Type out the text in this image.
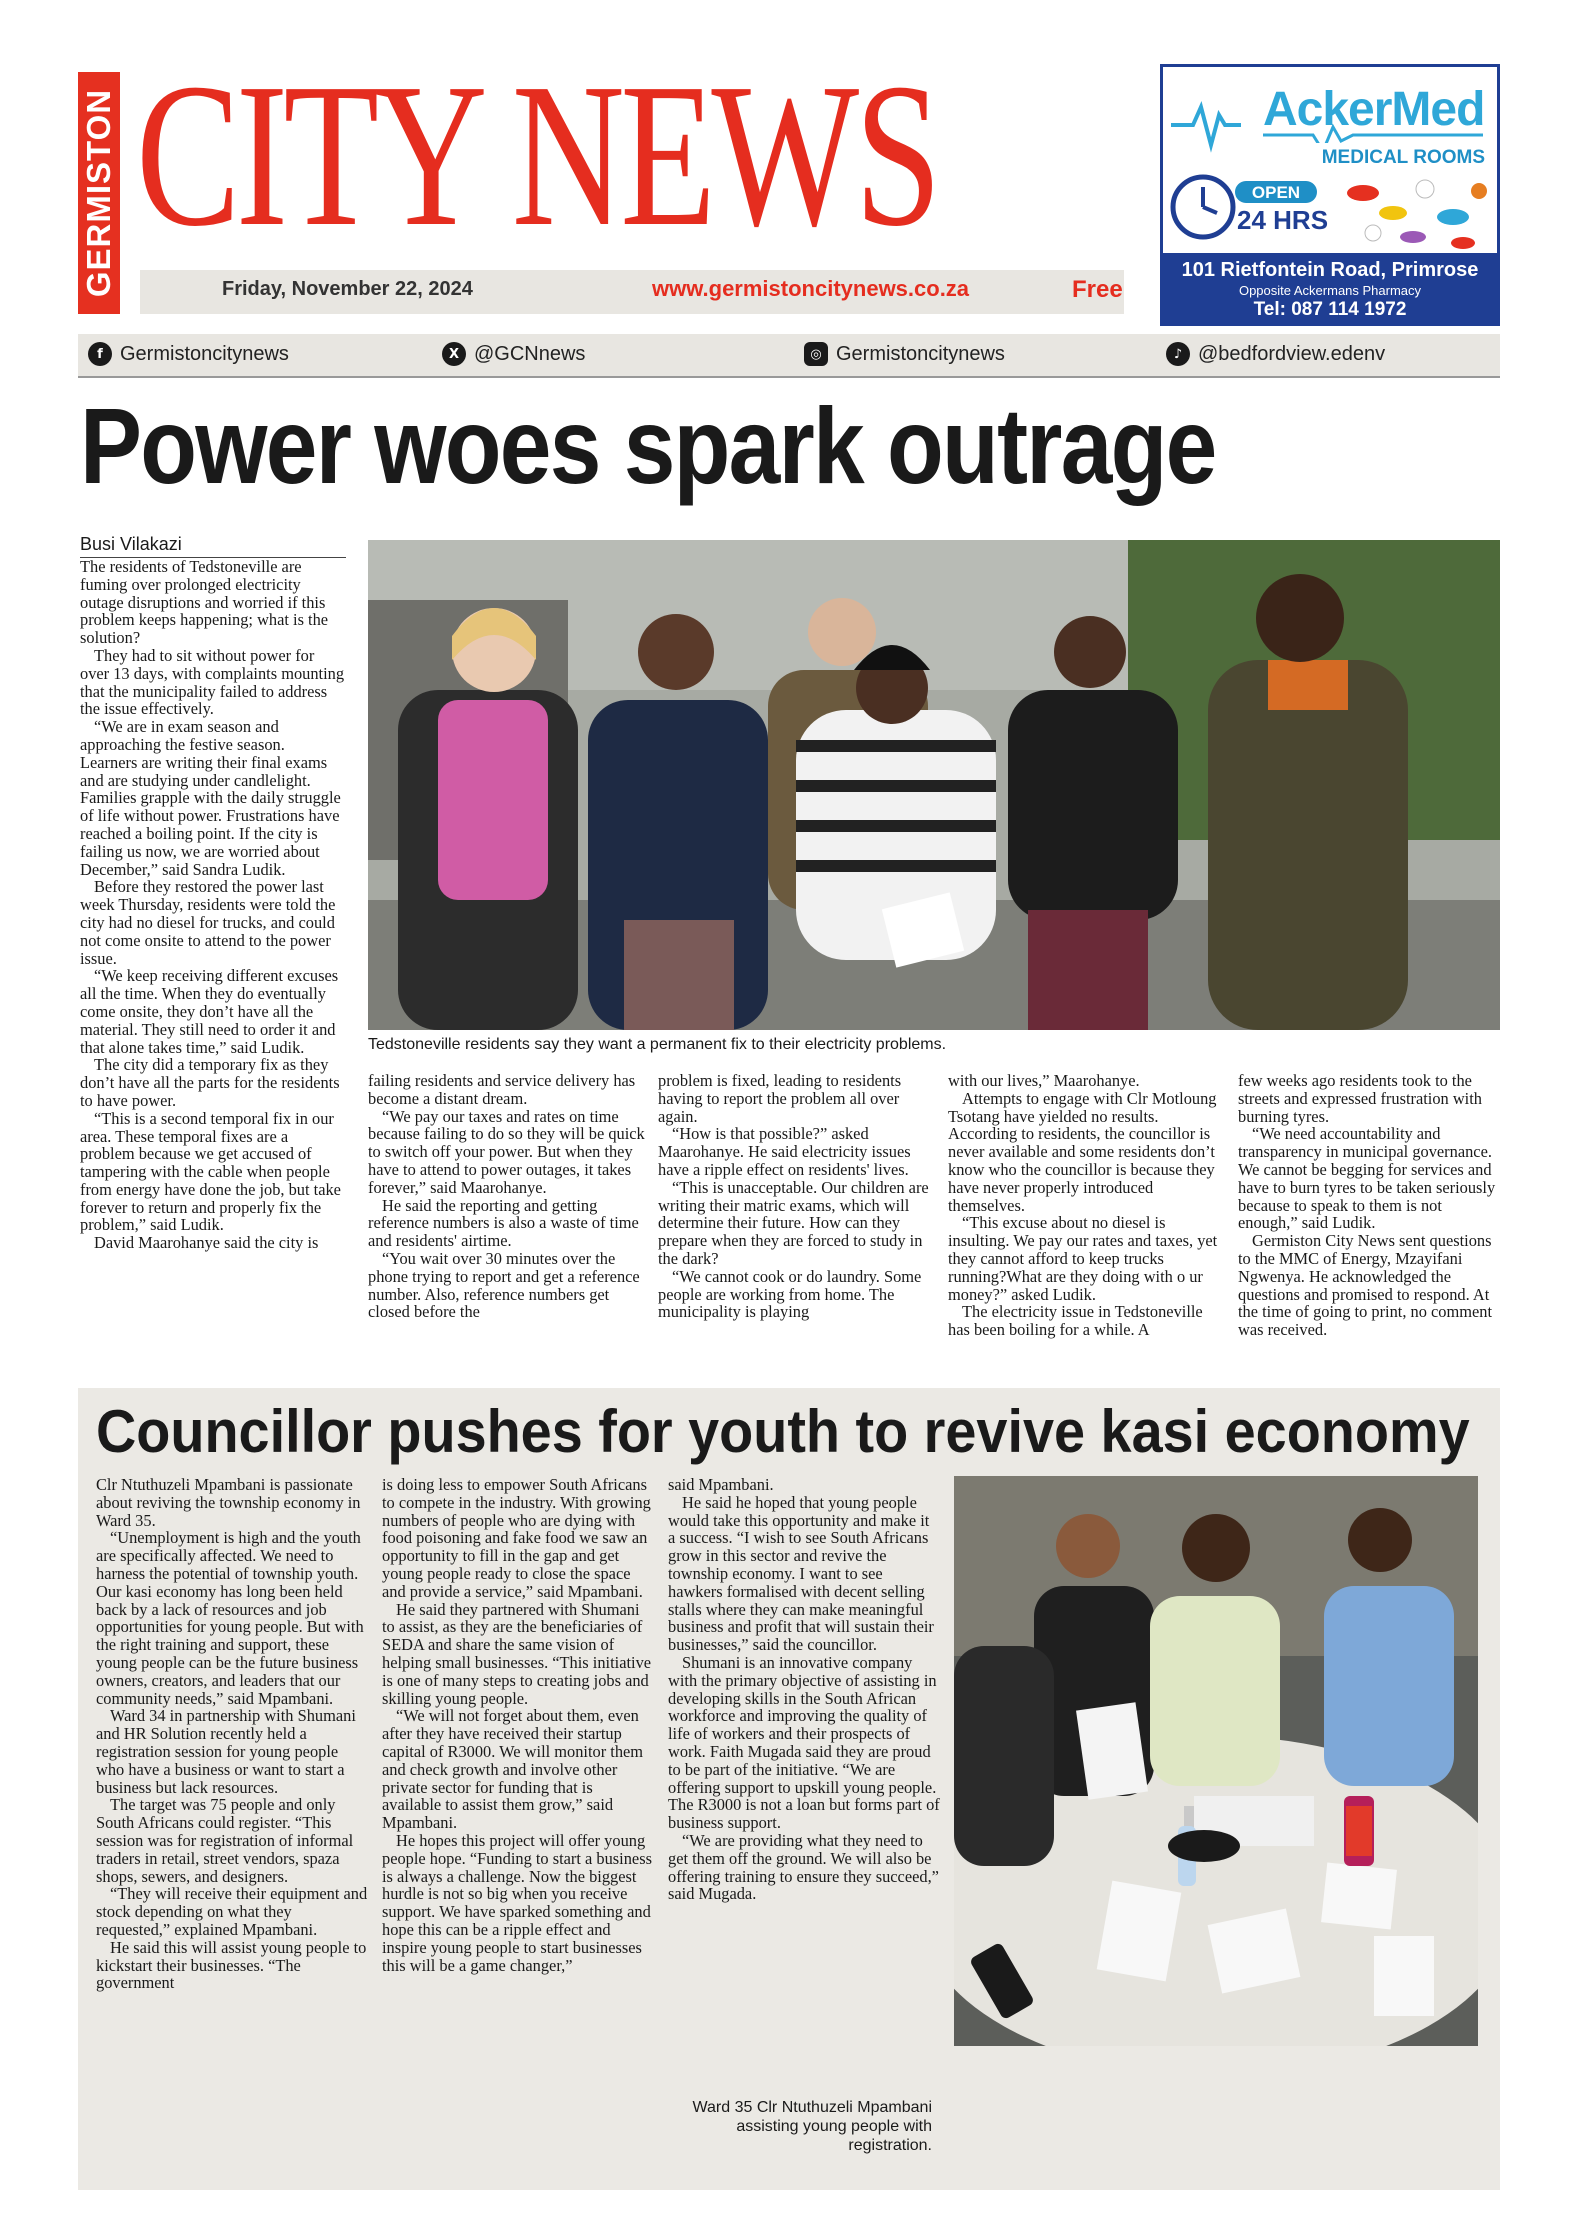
GERMISTON CITY NEWS
Friday, November 22, 2024	www.germistoncitynews.co.za	Free
AckerMed
MEDICAL ROOMS
OPEN
24 HRS
101 Rietfontein Road, Primrose
Opposite Ackermans Pharmacy
Tel: 087 114 1972
f Germistoncitynews	X @GCNnews	◎ Germistoncitynews	♪ @bedfordview.edenv
Power woes spark outrage
Busi Vilakazi

The residents of Tedstoneville are fuming over prolonged electricity outage disruptions and worried if this problem keeps happening; what is the solution?

They had to sit without power for over 13 days, with complaints mounting that the municipality failed to address the issue effectively.

“We are in exam season and approaching the festive season. Learners are writing their final exams and are studying under candlelight. Families grapple with the daily struggle of life without power. Frustrations have reached a boiling point. If the city is failing us now, we are worried about December,” said Sandra Ludik.

Before they restored the power last week Thursday, residents were told the city had no diesel for trucks, and could not come onsite to attend to the power issue.

“We keep receiving different excuses all the time. When they do eventually come onsite, they don’t have all the material. They still need to order it and that alone takes time,” said Ludik.

The city did a temporary fix as they don’t have all the parts for the residents to have power.

“This is a second temporal fix in our area. These temporal fixes are a problem because we get accused of tampering with the cable when people from energy have done the job, but take forever to return and properly fix the problem,” said Ludik.

David Maarohanye said the city is

Tedstoneville residents say they want a permanent fix to their electricity problems.

failing residents and service delivery has become a distant dream.

“We pay our taxes and rates on time because failing to do so they will be quick to switch off your power. But when they have to attend to power outages, it takes forever,” said Maarohanye.

He said the reporting and getting reference numbers is also a waste of time and residents' airtime.

“You wait over 30 minutes over the phone trying to report and get a reference number. Also, reference numbers get closed before the

problem is fixed, leading to residents having to report the problem all over again.

“How is that possible?” asked Maarohanye. He said electricity issues have a ripple effect on residents' lives.

“This is unacceptable. Our children are writing their matric exams, which will determine their future. How can they prepare when they are forced to study in the dark?

“We cannot cook or do laundry. Some people are working from home. The municipality is playing

with our lives,” Maarohanye.

Attempts to engage with Clr Motloung Tsotang have yielded no results. According to residents, the councillor is never available and some residents don’t know who the councillor is because they have never properly introduced themselves.

“This excuse about no diesel is insulting. We pay our rates and taxes, yet they cannot afford to keep trucks running?What are they doing with o ur money?” asked Ludik.

The electricity issue in Tedstoneville has been boiling for a while. A

few weeks ago residents took to the streets and expressed frustration with burning tyres.

“We need accountability and transparency in municipal governance. We cannot be begging for services and have to burn tyres to be taken seriously because to speak to them is not enough,” said Ludik.

Germiston City News sent questions to the MMC of Energy, Mzayifani Ngwenya. He acknowledged the questions and promised to respond. At the time of going to print, no comment was received.

Councillor pushes for youth to revive kasi economy

Clr Ntuthuzeli Mpambani is passionate about reviving the township economy in Ward 35.

“Unemployment is high and the youth are specifically affected. We need to harness the potential of township youth. Our kasi economy has long been held back by a lack of resources and job opportunities for young people. But with the right training and support, these young people can be the future business owners, creators, and leaders that our community needs,” said Mpambani.

Ward 34 in partnership with Shumani and HR Solution recently held a registration session for young people who have a business or want to start a business but lack resources.

The target was 75 people and only South Africans could register. “This session was for registration of informal traders in retail, street vendors, spaza shops, sewers, and designers.

“They will receive their equipment and stock depending on what they requested,” explained Mpambani.

He said this will assist young people to kickstart their businesses. “The government

is doing less to empower South Africans to compete in the industry. With growing numbers of people who are dying with food poisoning and fake food we saw an opportunity to fill in the gap and get young people ready to close the space and provide a service,” said Mpambani.

He said they partnered with Shumani to assist, as they are the beneficiaries of SEDA and share the same vision of helping small businesses. “This initiative is one of many steps to creating jobs and skilling young people.

“We will not forget about them, even after they have received their startup capital of R3000. We will monitor them and check growth and involve other private sector for funding that is available to assist them grow,” said Mpambani.

He hopes this project will offer young people hope. “Funding to start a business is always a challenge. Now the biggest hurdle is not so big when you receive support. We have sparked something and hope this can be a ripple effect and inspire young people to start businesses this will be a game changer,”

said Mpambani.

He said he hoped that young people would take this opportunity and make it a success. “I wish to see South Africans grow in this sector and revive the township economy. I want to see hawkers formalised with decent selling stalls where they can make meaningful business and profit that will sustain their businesses,” said the councillor.

Shumani is an innovative company with the primary objective of assisting in developing skills in the South African workforce and improving the quality of life of workers and their prospects of work. Faith Mugada said they are proud to be part of the initiative. “We are offering support to upskill young people. The R3000 is not a loan but forms part of business support.

“We are providing what they need to get them off the ground. We will also be offering training to ensure they succeed,” said Mugada.

Ward 35 Clr Ntuthuzeli Mpambani assisting young people with registration.
